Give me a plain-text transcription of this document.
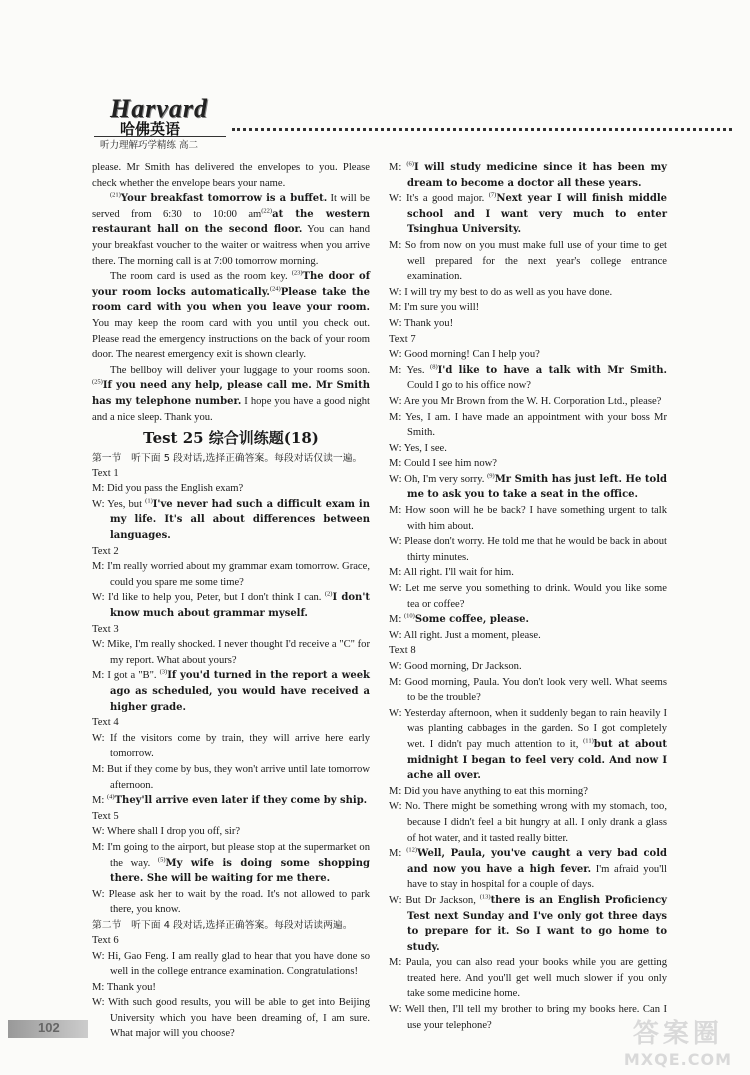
Harvard
哈佛英语
听力理解巧学精练 高二

please. Mr Smith has delivered the envelopes to you. Please check whether the envelope bears your name.

$^{(21)}$Your breakfast tomorrow is a buffet. It will be served from 6:30 to 10:00 $am^{(22)}at$ the western restaurant hall on the second floor. You can hand your breakfast voucher to the waiter or waitress when you arrive there. The morning call is at 7:00 tomorrow morning.

The room card is used as the room key. $^{(23)}$The door of your room locks automatically.$^{(24)}$Please take the room card with you when you leave your room. You may keep the room card with you until you check out. Please read the emergency instructions on the back of your room door. The nearest emergency exit is shown clearly.

The bellboy will deliver your luggage to your rooms soon. $^{(25)}$If you need any help, please call me. Mr Smith has my telephone number. I hope you have a good night and a nice sleep. Thank you.

Test 25 综合训练题(18)

第一节　听下面 5 段对话,选择正确答案。每段对话仅读一遍。

Text 1

M: Did you pass the English exam?

W: Yes, but $^{(1)}$I've never had such a difficult exam in my life. It's all about differences between languages.

Text 2

M: I'm really worried about my grammar exam tomorrow. Grace, could you spare me some time?

W: I'd like to help you, Peter, but I don't think I can. $^{(2)}$I don't know much about grammar myself.

Text 3

W: Mike, I'm really shocked. I never thought I'd receive a "C" for my report. What about yours?

M: I got a "B". $^{(3)}$If you'd turned in the report a week ago as scheduled, you would have received a higher grade.

Text 4

W: If the visitors come by train, they will arrive here early tomorrow.

M: But if they come by bus, they won't arrive until late tomorrow afternoon.

M: $^{(4)}$They'll arrive even later if they come by ship.

Text 5

W: Where shall I drop you off, sir?

M: I'm going to the airport, but please stop at the supermarket on the way. $^{(5)}$My wife is doing some shopping there. She will be waiting for me there.

W: Please ask her to wait by the road. It's not allowed to park there, you know.

第二节　听下面 4 段对话,选择正确答案。每段对话读两遍。

Text 6

W: Hi, Gao Feng. I am really glad to hear that you have done so well in the college entrance examination. Congratulations!

M: Thank you!

W: With such good results, you will be able to get into Beijing University which you have been dreaming of, I am sure. What major will you choose?

M: $^{(6)}$I will study medicine since it has been my dream to become a doctor all these years.

W: It's a good major. $^{(7)}$Next year I will finish middle school and I want very much to enter Tsinghua University.

M: So from now on you must make full use of your time to get well prepared for the next year's college entrance examination.

W: I will try my best to do as well as you have done.

M: I'm sure you will!

W: Thank you!

Text 7

W: Good morning! Can I help you?

M: Yes. $^{(8)}$I'd like to have a talk with Mr Smith. Could I go to his office now?

W: Are you Mr Brown from the W. H. Corporation Ltd., please?

M: Yes, I am. I have made an appointment with your boss Mr Smith.

W: Yes, I see.

M: Could I see him now?

W: Oh, I'm very sorry. $^{(9)}$Mr Smith has just left. He told me to ask you to take a seat in the office.

M: How soon will he be back? I have something urgent to talk with him about.

W: Please don't worry. He told me that he would be back in about thirty minutes.

M: All right. I'll wait for him.

W: Let me serve you something to drink. Would you like some tea or coffee?

M: $^{(10)}$Some coffee, please.

W: All right. Just a moment, please.

Text 8

W: Good morning, Dr Jackson.

M: Good morning, Paula. You don't look very well. What seems to be the trouble?

W: Yesterday afternoon, when it suddenly began to rain heavily I was planting cabbages in the garden. So I got completely wet. I didn't pay much attention to it, $^{(11)}$but at about midnight I began to feel very cold. And now I ache all over.

M: Did you have anything to eat this morning?

W: No. There might be something wrong with my stomach, too, because I didn't feel a bit hungry at all. I only drank a glass of hot water, and it tasted really bitter.

M: $^{(12)}$Well, Paula, you've caught a very bad cold and now you have a high fever. I'm afraid you'll have to stay in hospital for a couple of days.

W: But Dr Jackson, $^{(13)}$there is an English Proficiency Test next Sunday and I've only got three days to prepare for it. So I want to go home to study.

M: Paula, you can also read your books while you are getting treated here. And you'll get well much slower if you only take some medicine home.

W: Well then, I'll tell my brother to bring my books here. Can I use your telephone?

102	答案圈
MXQE.COM
